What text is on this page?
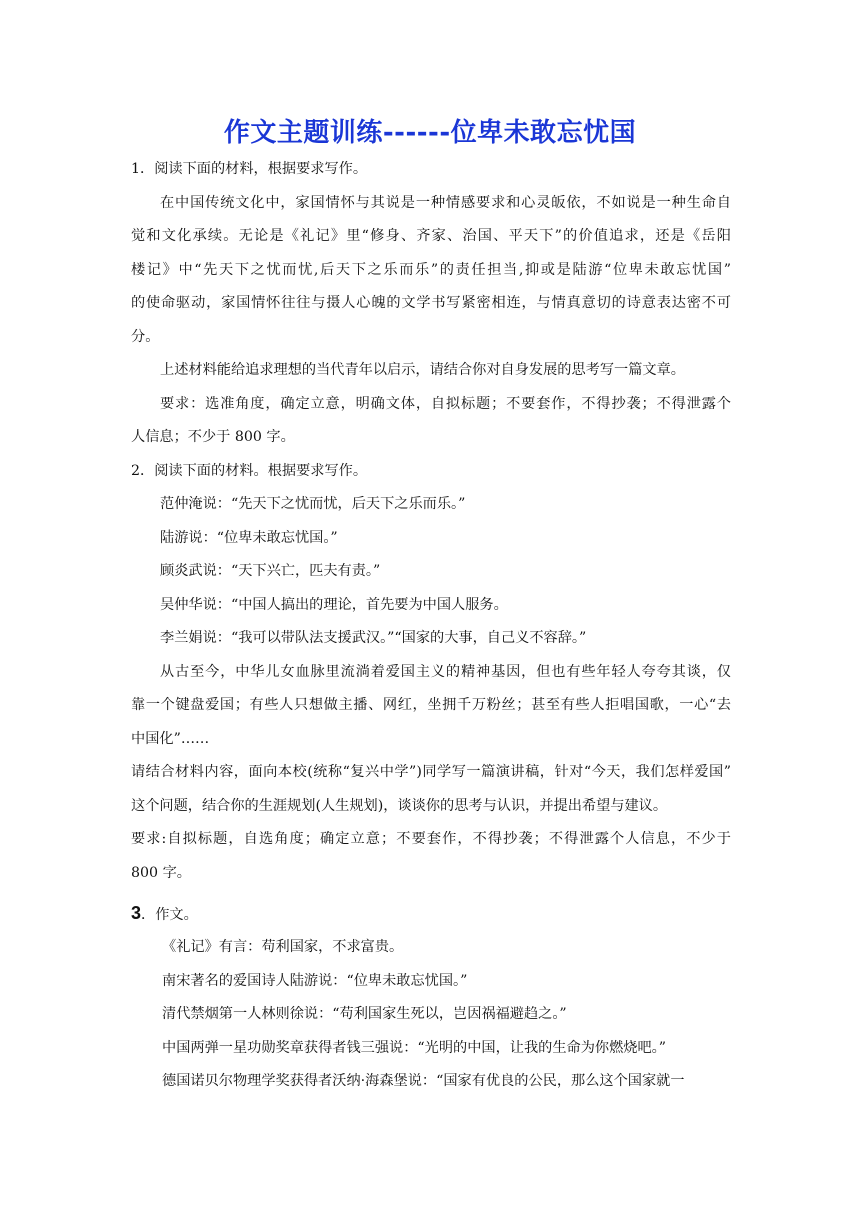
作文主题训练------位卑未敢忘忧国
1．阅读下面的材料，根据要求写作。
在中国传统文化中，家国情怀与其说是一种情感要求和心灵皈依，不如说是一种生命自
觉和文化承续。无论是《礼记》里“修身、齐家、治国、平天下”的价值追求，还是《岳阳
楼记》中“先天下之忧而忧,后天下之乐而乐”的责任担当,抑或是陆游“位卑未敢忘忧国”
的使命驱动，家国情怀往往与摄人心魄的文学书写紧密相连，与情真意切的诗意表达密不可
分。
上述材料能给追求理想的当代青年以启示，请结合你对自身发展的思考写一篇文章。
要求：选准角度，确定立意，明确文体，自拟标题；不要套作，不得抄袭；不得泄露个
人信息；不少于 800 字。
2．阅读下面的材料。根据要求写作。
范仲淹说：“先天下之忧而忧，后天下之乐而乐。”
陆游说：“位卑未敢忘忧国。”
顾炎武说：“天下兴亡，匹夫有责。”
吴仲华说：“中国人搞出的理论，首先要为中国人服务。
李兰娟说：“我可以带队法支援武汉。”“国家的大事，自己义不容辞。”
从古至今，中华儿女血脉里流淌着爱国主义的精神基因，但也有些年轻人夸夸其谈，仅
靠一个键盘爱国；有些人只想做主播、网红，坐拥千万粉丝；甚至有些人拒唱国歌，一心“去
中国化”……
请结合材料内容，面向本校(统称“复兴中学”)同学写一篇演讲稿，针对“今天，我们怎样爱国”
这个问题，结合你的生涯规划(人生规划)，谈谈你的思考与认识，并提出希望与建议。
要求:自拟标题，自选角度；确定立意；不要套作，不得抄袭；不得泄露个人信息，不少于
800 字。
3．作文。
《礼记》有言：苟利国家，不求富贵。
南宋著名的爱国诗人陆游说：“位卑未敢忘忧国。”
清代禁烟第一人林则徐说：“苟利国家生死以，岂因祸福避趋之。”
中国两弹一星功勋奖章获得者钱三强说：“光明的中国，让我的生命为你燃烧吧。”
德国诺贝尔物理学奖获得者沃纳·海森堡说：“国家有优良的公民，那么这个国家就一
